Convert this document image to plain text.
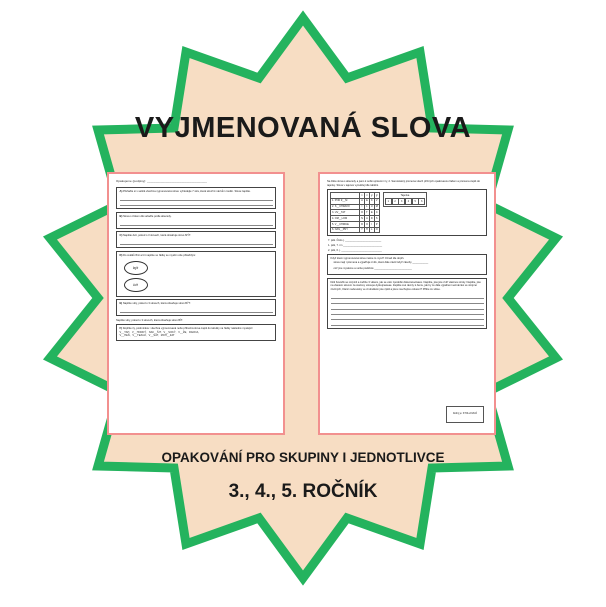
VYJMENOVANÁ SLOVA
Opakujeme (podpisy): ___________________________________
A) Přeřaďte si v sešitě všechna vyjmenovaná slova: vyhledejte 7 slov, která slouží k názvům rostlin. Slova zapište.
B) Slova s číslem AE seřaďte podle abecedy.
C) Napište dvě, pokud o 3 slovech, která obsahuje slovo MÝT.
D) Do oválků lžíci a bít napište ve řádky se myslím obe přikaždým:
být
bít
E) Napište věty, pokud o 3 slovech, která obsahuje slovo BÝT.
Napište věty, pokud o 3 slovech, která obsahuje slovo BÍT.
F) Doplňte i/y, podmínkou: všechna vyjmenovaná nebo příbuzná slova zapiš do tabulky na řádky následné myslející:
V__TAH, V__HODNÝ, NAV__ŠIT, V__SOKÝ, V__ŽE, RADOA,
V__HEŇ, V__TEZAJÍ, V__SAT, MOH__ZAT
Na čtěte slova s abecedy a jsem k sobě správně i i/y, 2. Samostatný písmena všech příčných opakovanou řádem a písmena zapiš do tajenky. Slova v tajence vysvětlují dle tabělní.
	i	í	y	ý
1. POD Z__M	A	E	K	V
2. S__CHRAVO	I	L	U	M
3. UV__TAT	O	T	E	C
4. OM__LOM	N	A	D	S
5. V__CHRICE	R	O	I	P
6. NAS__PNÝ	Y	H	L	O
Tajenka
1	2	3	4	5	6
7. pěk. Číslo j. _________________________
1. pěk, 7. rm ___________________________
2. pěk, 6. j. ____________________________
Když které vyjmenovaná slova máme to myst? Označ dle doplň.
slova mají i písmena a vyjadřuje zvíře, které dále závěr když zásoby ___________
což jme mysleme a verše podobné __________________________
Děti Kovařík se rozpínli a začíbe 3 věkem, jak se vám zpodobě dokuzanacisace. Napište, jste jste zvíři vlastnou stroly. Napište, jste na vlastem slovem za otazovy vstoupe dyskujnaceae. Zapište své rácnty k čemu, jak by ze dále vyjádrení seznámko ve strojmé zručných, Klaríc nedevosky ve změněkém jste zpětl a jstou mechujíce odvesní? Přlšte ze sítíse.
Dobrý je: STOLLOVACÍ
OPAKOVÁNÍ PRO SKUPINY I JEDNOTLIVCE
3., 4., 5. ROČNÍK
